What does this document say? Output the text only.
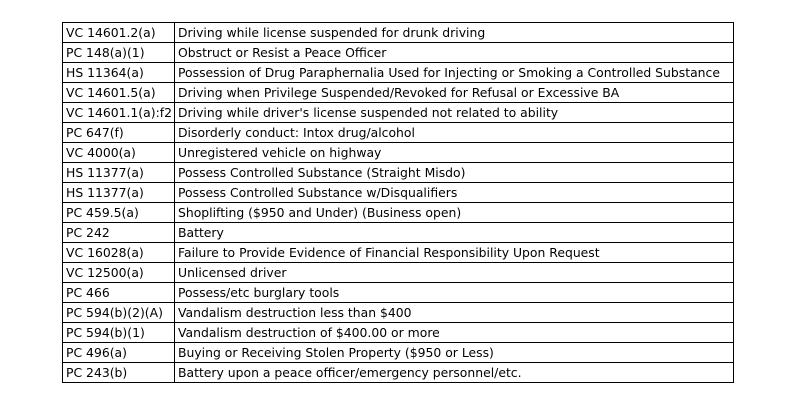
VC 14601.2(a)	Driving while license suspended for drunk driving
PC 148(a)(1)	Obstruct or Resist a Peace Officer
HS 11364(a)	Possession of Drug Paraphernalia Used for Injecting or Smoking a Controlled Substance
VC 14601.5(a)	Driving when Privilege Suspended/Revoked for Refusal or Excessive BA
VC 14601.1(a):f2	Driving while driver's license suspended not related to ability
PC 647(f)	Disorderly conduct: Intox drug/alcohol
VC 4000(a)	Unregistered vehicle on highway
HS 11377(a)	Possess Controlled Substance (Straight Misdo)
HS 11377(a)	Possess Controlled Substance w/Disqualifiers
PC 459.5(a)	Shoplifting ($950 and Under) (Business open)
PC 242	Battery
VC 16028(a)	Failure to Provide Evidence of Financial Responsibility Upon Request
VC 12500(a)	Unlicensed driver
PC 466	Possess/etc burglary tools
PC 594(b)(2)(A)	Vandalism destruction less than $400
PC 594(b)(1)	Vandalism destruction of $400.00 or more
PC 496(a)	Buying or Receiving Stolen Property ($950 or Less)
PC 243(b)	Battery upon a peace officer/emergency personnel/etc.
